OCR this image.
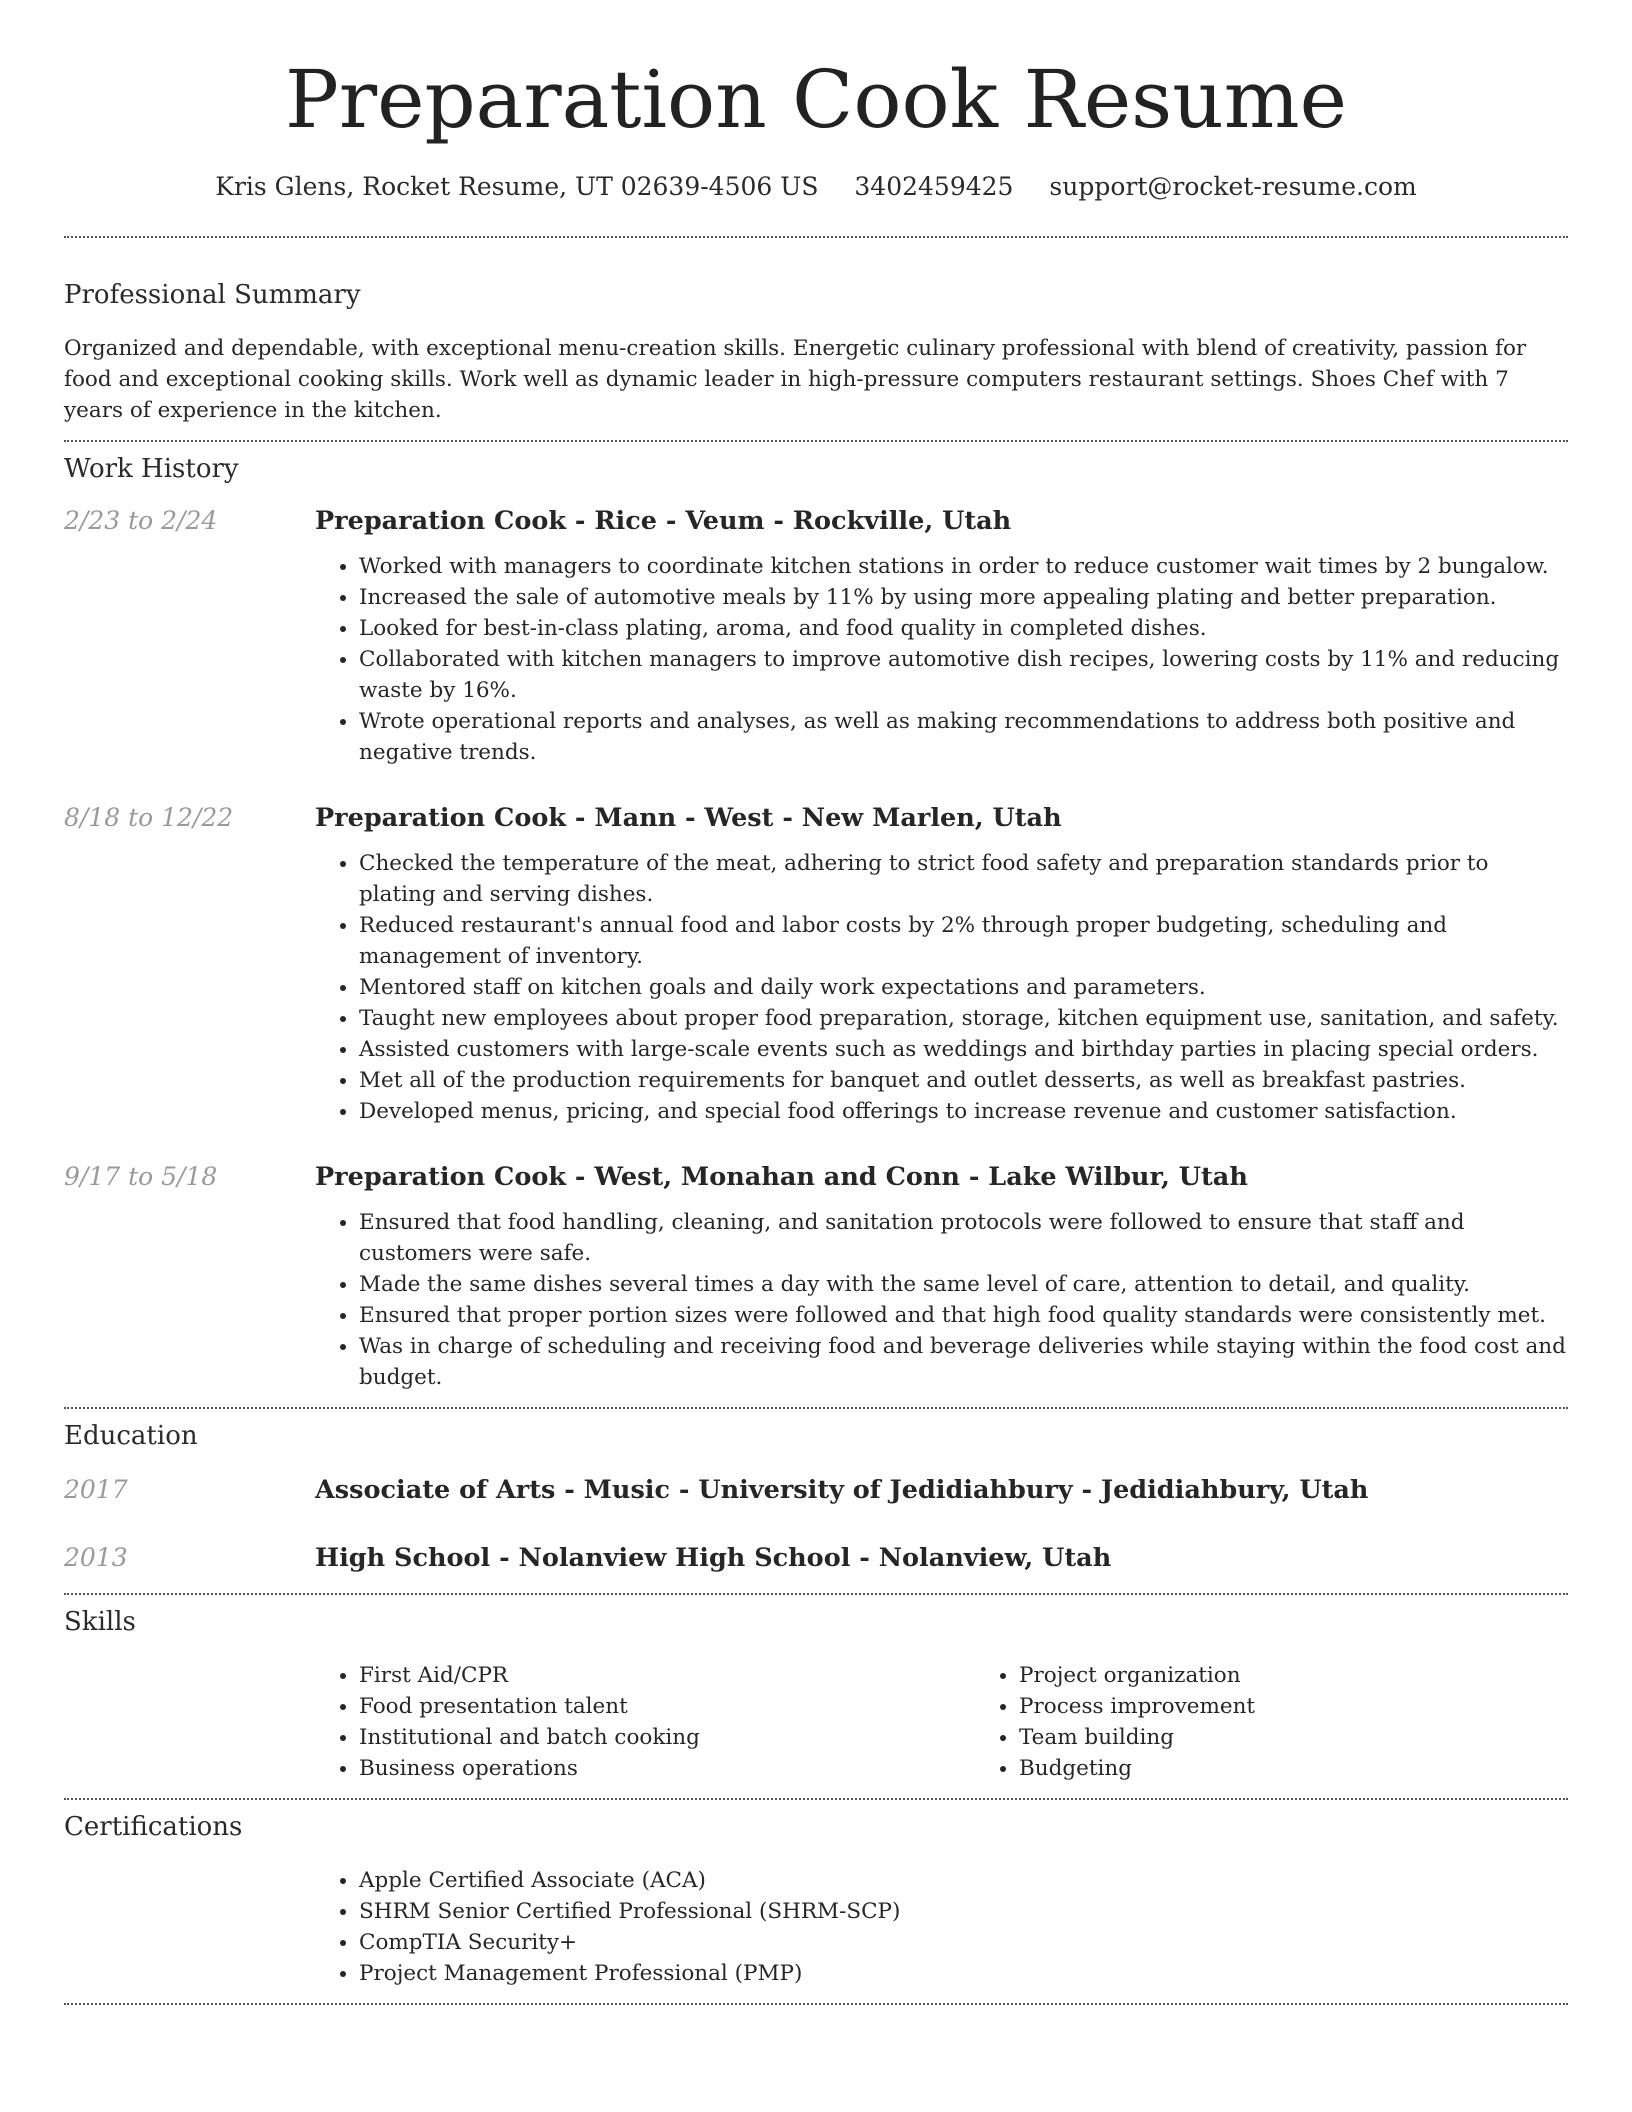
Preparation Cook Resume
Kris Glens, Rocket Resume, UT 02639-4506 US 3402459425 support@rocket-resume.com
Professional Summary

Organized and dependable, with exceptional menu-creation skills. Energetic culinary professional with blend of creativity, passion for food and exceptional cooking skills. Work well as dynamic leader in high-pressure computers restaurant settings. Shoes Chef with 7 years of experience in the kitchen.

Work History
2/23 to 2/24	Preparation Cook - Rice - Veum - Rockville, Utah
• Worked with managers to coordinate kitchen stations in order to reduce customer wait times by 2 bungalow.
• Increased the sale of automotive meals by 11% by using more appealing plating and better preparation.
• Looked for best-in-class plating, aroma, and food quality in completed dishes.
• Collaborated with kitchen managers to improve automotive dish recipes, lowering costs by 11% and reducing waste by 16%.
• Wrote operational reports and analyses, as well as making recommendations to address both positive and negative trends.
8/18 to 12/22	Preparation Cook - Mann - West - New Marlen, Utah
• Checked the temperature of the meat, adhering to strict food safety and preparation standards prior to plating and serving dishes.
• Reduced restaurant's annual food and labor costs by 2% through proper budgeting, scheduling and management of inventory.
• Mentored staff on kitchen goals and daily work expectations and parameters.
• Taught new employees about proper food preparation, storage, kitchen equipment use, sanitation, and safety.
• Assisted customers with large-scale events such as weddings and birthday parties in placing special orders.
• Met all of the production requirements for banquet and outlet desserts, as well as breakfast pastries.
• Developed menus, pricing, and special food offerings to increase revenue and customer satisfaction.
9/17 to 5/18	Preparation Cook - West, Monahan and Conn - Lake Wilbur, Utah
• Ensured that food handling, cleaning, and sanitation protocols were followed to ensure that staff and customers were safe.
• Made the same dishes several times a day with the same level of care, attention to detail, and quality.
• Ensured that proper portion sizes were followed and that high food quality standards were consistently met.
• Was in charge of scheduling and receiving food and beverage deliveries while staying within the food cost and budget.
Education
2017	Associate of Arts - Music - University of Jedidiahbury - Jedidiahbury, Utah
2013	High School - Nolanview High School - Nolanview, Utah
Skills
• First Aid/CPR
• Food presentation talent
• Institutional and batch cooking
• Business operations
• Project organization
• Process improvement
• Team building
• Budgeting
Certifications
• Apple Certified Associate (ACA)
• SHRM Senior Certified Professional (SHRM-SCP)
• CompTIA Security+
• Project Management Professional (PMP)
